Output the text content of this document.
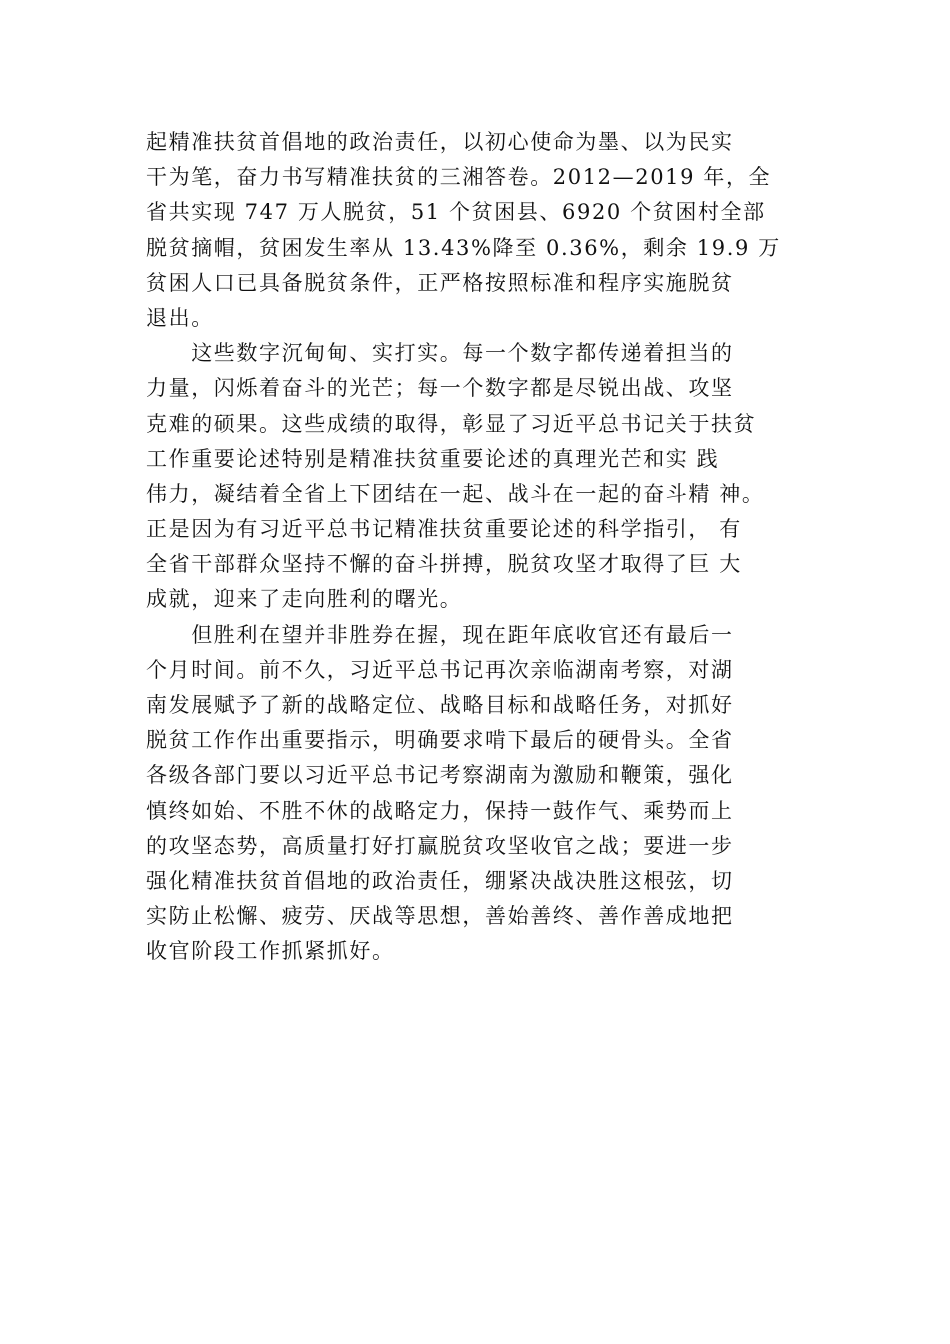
起精准扶贫首倡地的政治责任，以初心使命为墨、以为民实
干为笔，奋力书写精准扶贫的三湘答卷。2012—2019 年，全
省共实现 747 万人脱贫，51 个贫困县、6920 个贫困村全部
脱贫摘帽，贫困发生率从 13.43%降至 0.36%，剩余 19.9 万
贫困人口已具备脱贫条件，正严格按照标准和程序实施脱贫
退出。
　　这些数字沉甸甸、实打实。每一个数字都传递着担当的
力量，闪烁着奋斗的光芒；每一个数字都是尽锐出战、攻坚
克难的硕果。这些成绩的取得，彰显了习近平总书记关于扶贫
工作重要论述特别是精准扶贫重要论述的真理光芒和实 践
伟力，凝结着全省上下团结在一起、战斗在一起的奋斗精 神。
正是因为有习近平总书记精准扶贫重要论述的科学指引， 有
全省干部群众坚持不懈的奋斗拼搏，脱贫攻坚才取得了巨 大
成就，迎来了走向胜利的曙光。
　　但胜利在望并非胜券在握，现在距年底收官还有最后一
个月时间。前不久，习近平总书记再次亲临湖南考察，对湖
南发展赋予了新的战略定位、战略目标和战略任务，对抓好
脱贫工作作出重要指示，明确要求啃下最后的硬骨头。全省
各级各部门要以习近平总书记考察湖南为激励和鞭策，强化
慎终如始、不胜不休的战略定力，保持一鼓作气、乘势而上
的攻坚态势，高质量打好打赢脱贫攻坚收官之战；要进一步
强化精准扶贫首倡地的政治责任，绷紧决战决胜这根弦，切
实防止松懈、疲劳、厌战等思想，善始善终、善作善成地把
收官阶段工作抓紧抓好。
